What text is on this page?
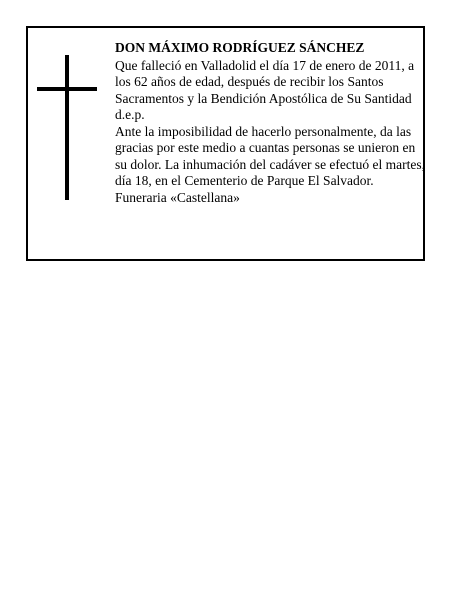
DON MÁXIMO RODRÍGUEZ SÁNCHEZ

Que falleció en Valladolid el día 17 de enero de 2011, a los 62 años de edad, después de recibir los Santos Sacramentos y la Bendición Apostólica de Su Santidad d.e.p.

Ante la imposibilidad de hacerlo personalmente, da las gracias por este medio a cuantas personas se unieron en su dolor. La inhumación del cadáver se efectuó el martes, día 18, en el Cementerio de Parque El Salvador.

Funeraria «Castellana»
